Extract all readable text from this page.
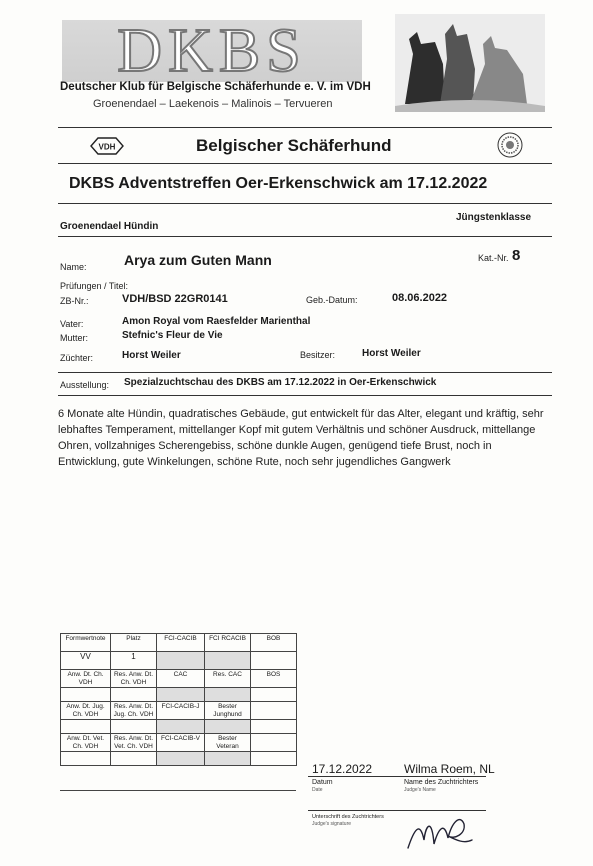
DKBS
Deutscher Klub für Belgische Schäferhunde e. V. im VDH
Groenendael – Laekenois – Malinois – Tervueren
VDH	Belgischer Schäferhund
DKBS Adventstreffen Oer-Erkenschwick am 17.12.2022
Groenendael Hündin
Jüngstenklasse
Name:	Arya zum Guten Mann	Kat.-Nr. 8
Prüfungen / Titel:
ZB-Nr.:	VDH/BSD 22GR0141	Geb.-Datum:	08.06.2022
Vater:	Amon Royal vom Raesfelder Marienthal
Mutter:	Stefnic's Fleur de Vie
Züchter:	Horst Weiler	Besitzer:	Horst Weiler
Ausstellung: Spezialzuchtschau des DKBS am 17.12.2022 in Oer-Erkenschwick
6 Monate alte Hündin, quadratisches Gebäude, gut entwickelt für das Alter, elegant und kräftig, sehr lebhaftes Temperament, mittellanger Kopf mit gutem Verhältnis und schöner Ausdruck, mittellange Ohren, vollzahniges Scherengebiss, schöne dunkle Augen, genügend tiefe Brust, noch in Entwicklung, gute Winkelungen, schöne Rute, noch sehr jugendliches Gangwerk
Formwertnote	Platz	FCI-CACIB	FCI RCACIB	BOB
VV	1			
Anw. Dt. Ch. VDH	Res. Anw. Dt. Ch. VDH	CAC	Res. CAC	BOS

Anw. Dt. Jug. Ch. VDH	Res. Anw. Dt. Jug. Ch. VDH	FCI-CACIB-J	Bester Junghund	

Anw. Dt. Vet. Ch. VDH	Res. Anw. Dt. Vet. Ch. VDH	FCI-CACIB-V	Bester Veteran	

17.12.2022	Wilma Roem, NL
Datum
Date
Name des Zuchtrichters
Judge's Name
Unterschrift des Zuchtrichters
Judge's signature
